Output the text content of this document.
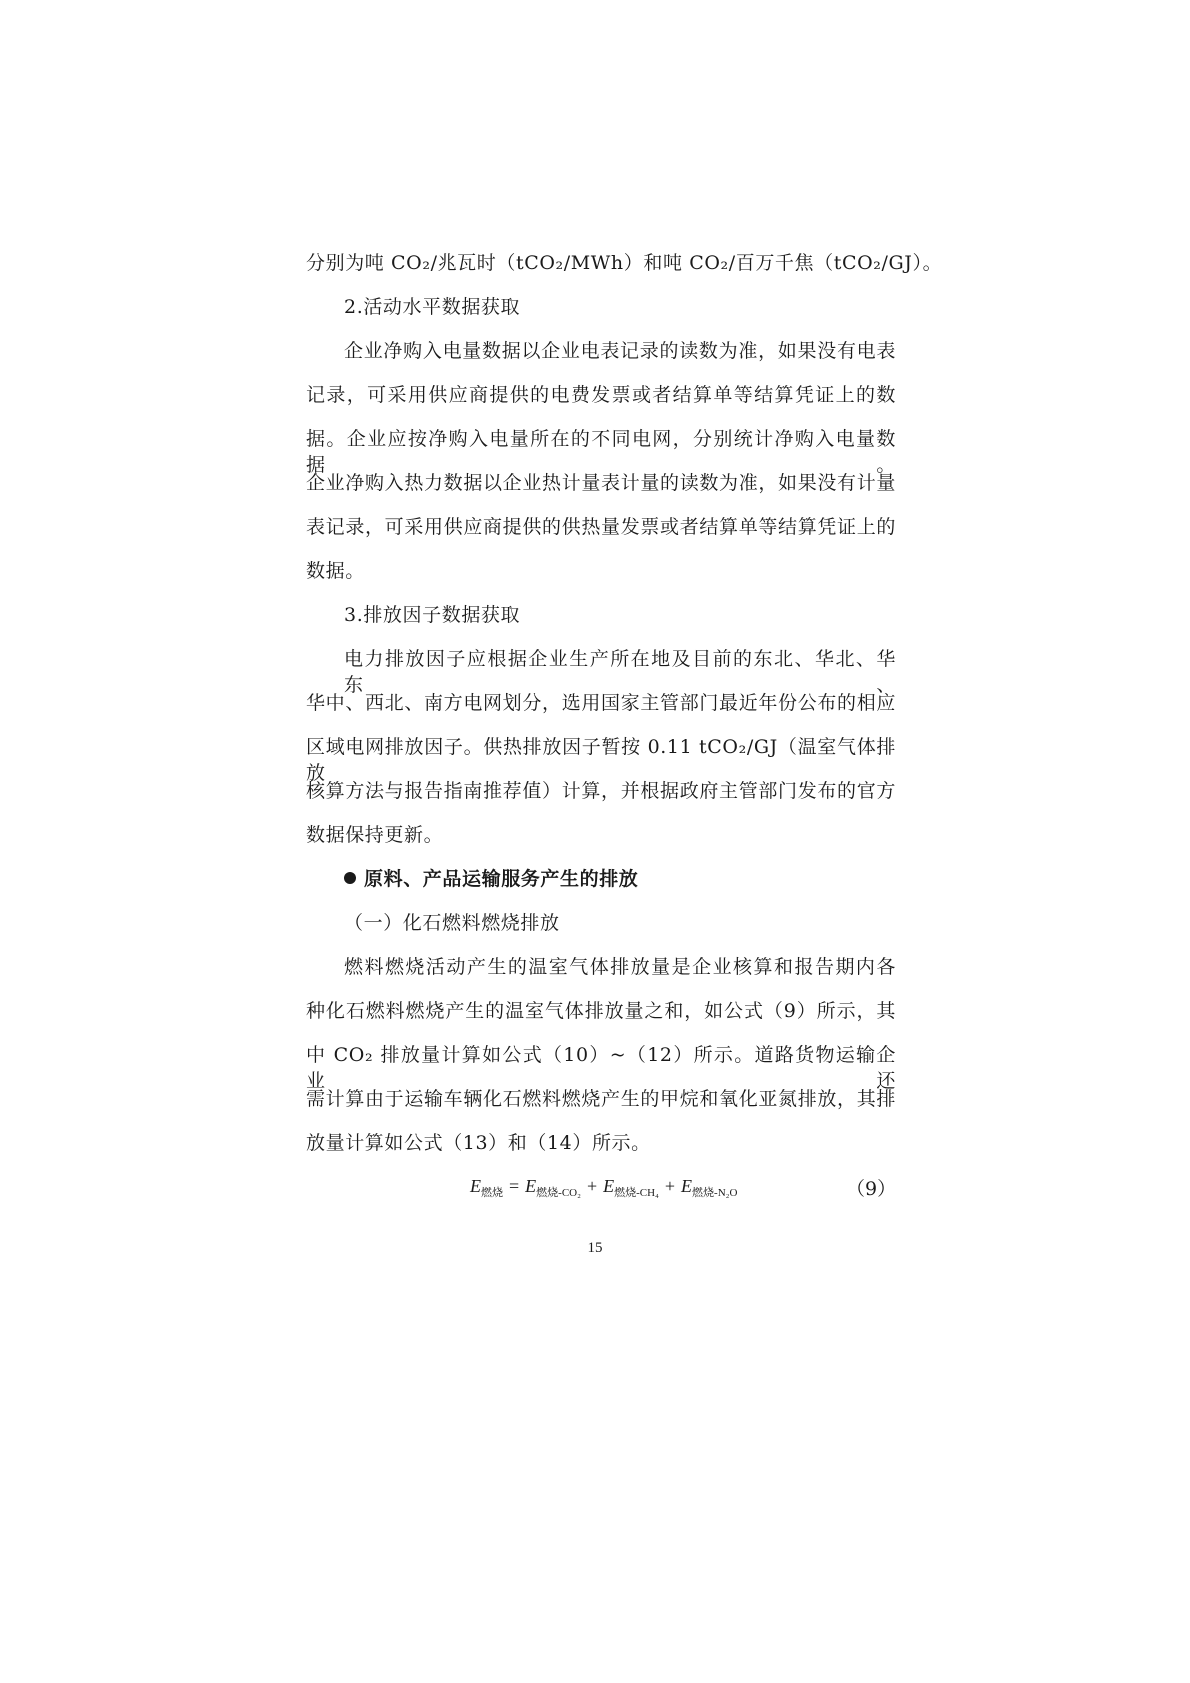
分别为吨 CO₂/兆瓦时（tCO₂/MWh）和吨 CO₂/百万千焦（tCO₂/GJ）。
2.活动水平数据获取
企业净购入电量数据以企业电表记录的读数为准，如果没有电表
记录，可采用供应商提供的电费发票或者结算单等结算凭证上的数
据。企业应按净购入电量所在的不同电网，分别统计净购入电量数据。
企业净购入热力数据以企业热计量表计量的读数为准，如果没有计量
表记录，可采用供应商提供的供热量发票或者结算单等结算凭证上的
数据。
3.排放因子数据获取
电力排放因子应根据企业生产所在地及目前的东北、华北、华东、
华中、西北、南方电网划分，选用国家主管部门最近年份公布的相应
区域电网排放因子。供热排放因子暂按 0.11 tCO₂/GJ（温室气体排放
核算方法与报告指南推荐值）计算，并根据政府主管部门发布的官方
数据保持更新。
原料、产品运输服务产生的排放
（一）化石燃料燃烧排放
燃料燃烧活动产生的温室气体排放量是企业核算和报告期内各
种化石燃料燃烧产生的温室气体排放量之和，如公式（9）所示，其
中 CO₂ 排放量计算如公式（10）~（12）所示。道路货物运输企业还
需计算由于运输车辆化石燃料燃烧产生的甲烷和氧化亚氮排放，其排
放量计算如公式（13）和（14）所示。
$E_{燃烧} = E_{燃烧-CO_2} + E_{燃烧-CH_4} + E_{燃烧-N_2O}$	（9）
15
